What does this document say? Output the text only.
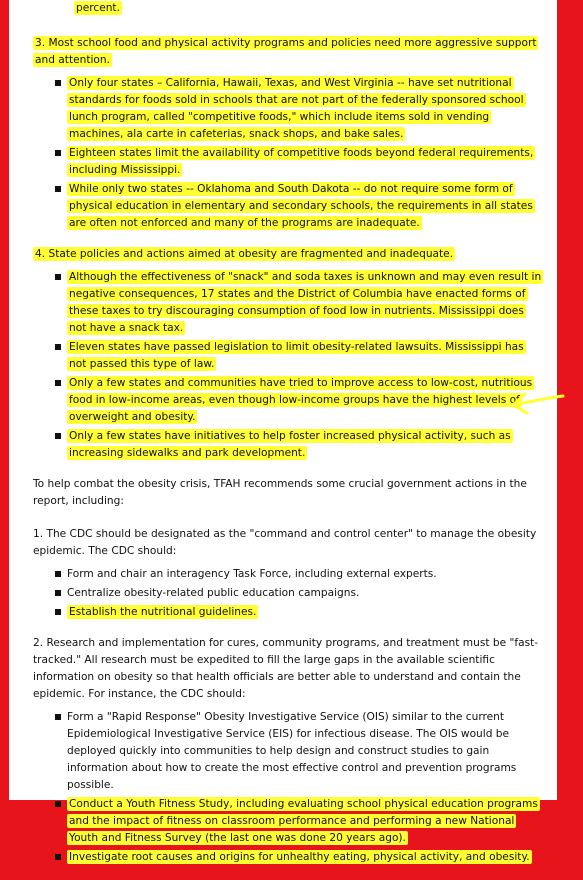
percent.
3. Most school food and physical activity programs and policies need more aggressive support and attention.
Only four states – California, Hawaii, Texas, and West Virginia -- have set nutritional standards for foods sold in schools that are not part of the federally sponsored school lunch program, called "competitive foods," which include items sold in vending machines, ala carte in cafeterias, snack shops, and bake sales.
Eighteen states limit the availability of competitive foods beyond federal requirements, including Mississippi.
While only two states -- Oklahoma and South Dakota -- do not require some form of physical education in elementary and secondary schools, the requirements in all states are often not enforced and many of the programs are inadequate.
4. State policies and actions aimed at obesity are fragmented and inadequate.
Although the effectiveness of "snack" and soda taxes is unknown and may even result in negative consequences, 17 states and the District of Columbia have enacted forms of these taxes to try discouraging consumption of food low in nutrients. Mississippi does not have a snack tax.
Eleven states have passed legislation to limit obesity-related lawsuits. Mississippi has not passed this type of law.
Only a few states and communities have tried to improve access to low-cost, nutritious food in low-income areas, even though low-income groups have the highest levels of overweight and obesity.
Only a few states have initiatives to help foster increased physical activity, such as increasing sidewalks and park development.

To help combat the obesity crisis, TFAH recommends some crucial government actions in the report, including:

1. The CDC should be designated as the "command and control center" to manage the obesity epidemic. The CDC should:

Form and chair an interagency Task Force, including external experts.
Centralize obesity-related public education campaigns.
Establish the nutritional guidelines.

2. Research and implementation for cures, community programs, and treatment must be "fast-tracked." All research must be expedited to fill the large gaps in the available scientific information on obesity so that health officials are better able to understand and contain the epidemic. For instance, the CDC should:

Form a "Rapid Response" Obesity Investigative Service (OIS) similar to the current Epidemiological Investigative Service (EIS) for infectious disease. The OIS would be deployed quickly into communities to help design and construct studies to gain information about how to create the most effective control and prevention programs possible.
Conduct a Youth Fitness Study, including evaluating school physical education programs and the impact of fitness on classroom performance and performing a new National Youth and Fitness Survey (the last one was done 20 years ago).
Investigate root causes and origins for unhealthy eating, physical activity, and obesity.
